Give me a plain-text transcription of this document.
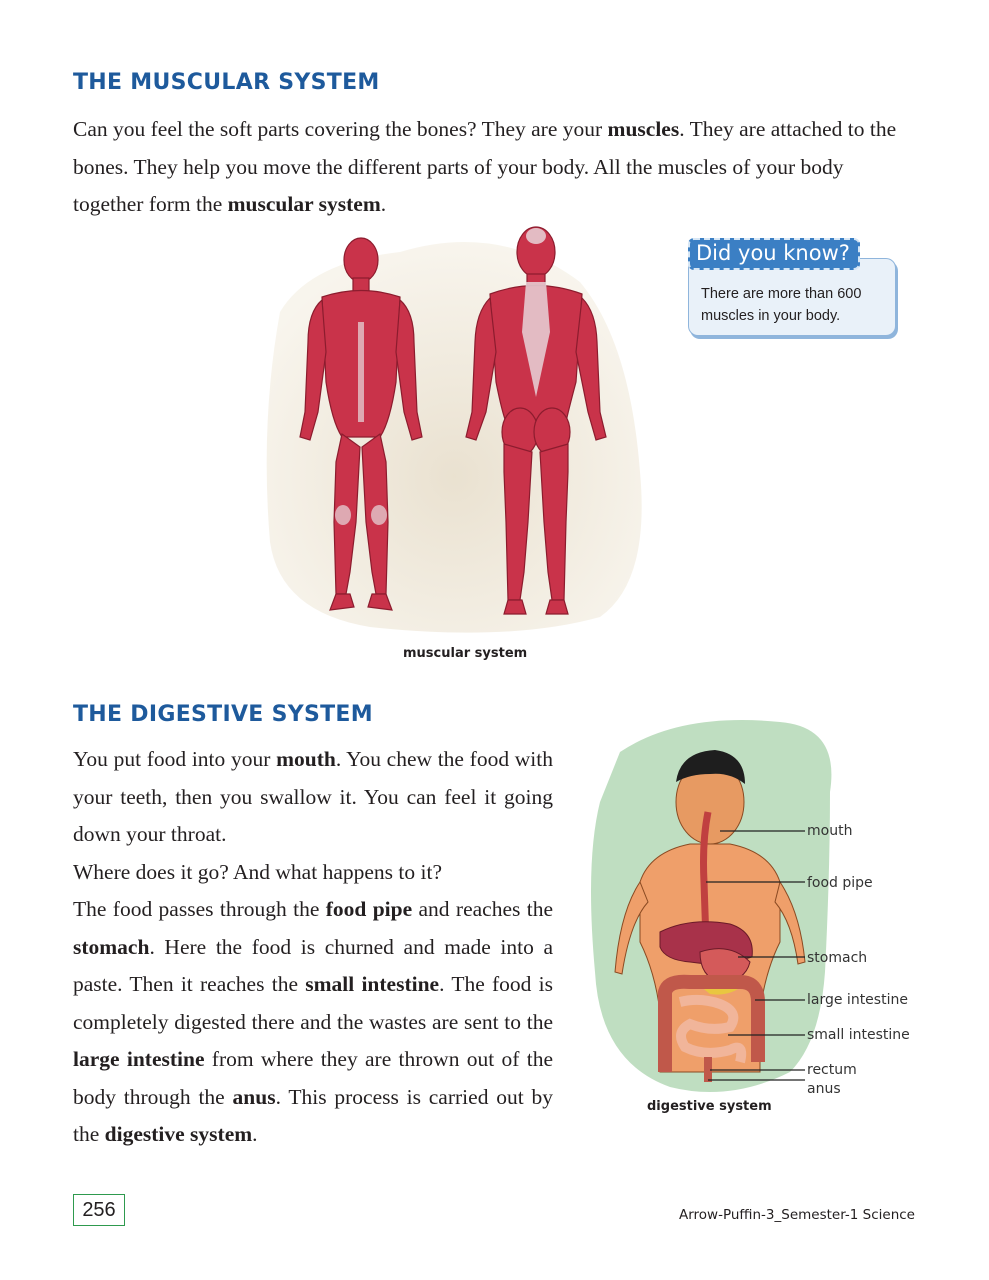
THE MUSCULAR SYSTEM

Can you feel the soft parts covering the bones? They are your muscles. They are attached to the bones. They help you move the different parts of your body. All the muscles of your body together form the muscular system.

muscular system
Did you know?
There are more than 600 muscles in your body.
THE DIGESTIVE SYSTEM
You put food into your mouth. You chew the food with your teeth, then you swallow it. You can feel it going down your throat.
Where does it go? And what happens to it?
The food passes through the food pipe and reaches the stomach. Here the food is churned and made into a paste. Then it reaches the small intestine. The food is completely digested there and the wastes are sent to the large intestine from where they are thrown out of the body through the anus. This process is carried out by the digestive system.
mouth
food pipe
stomach
large intestine
small intestine
rectum
anus
digestive system
256	Arrow-Puffin-3_Semester-1 Science
